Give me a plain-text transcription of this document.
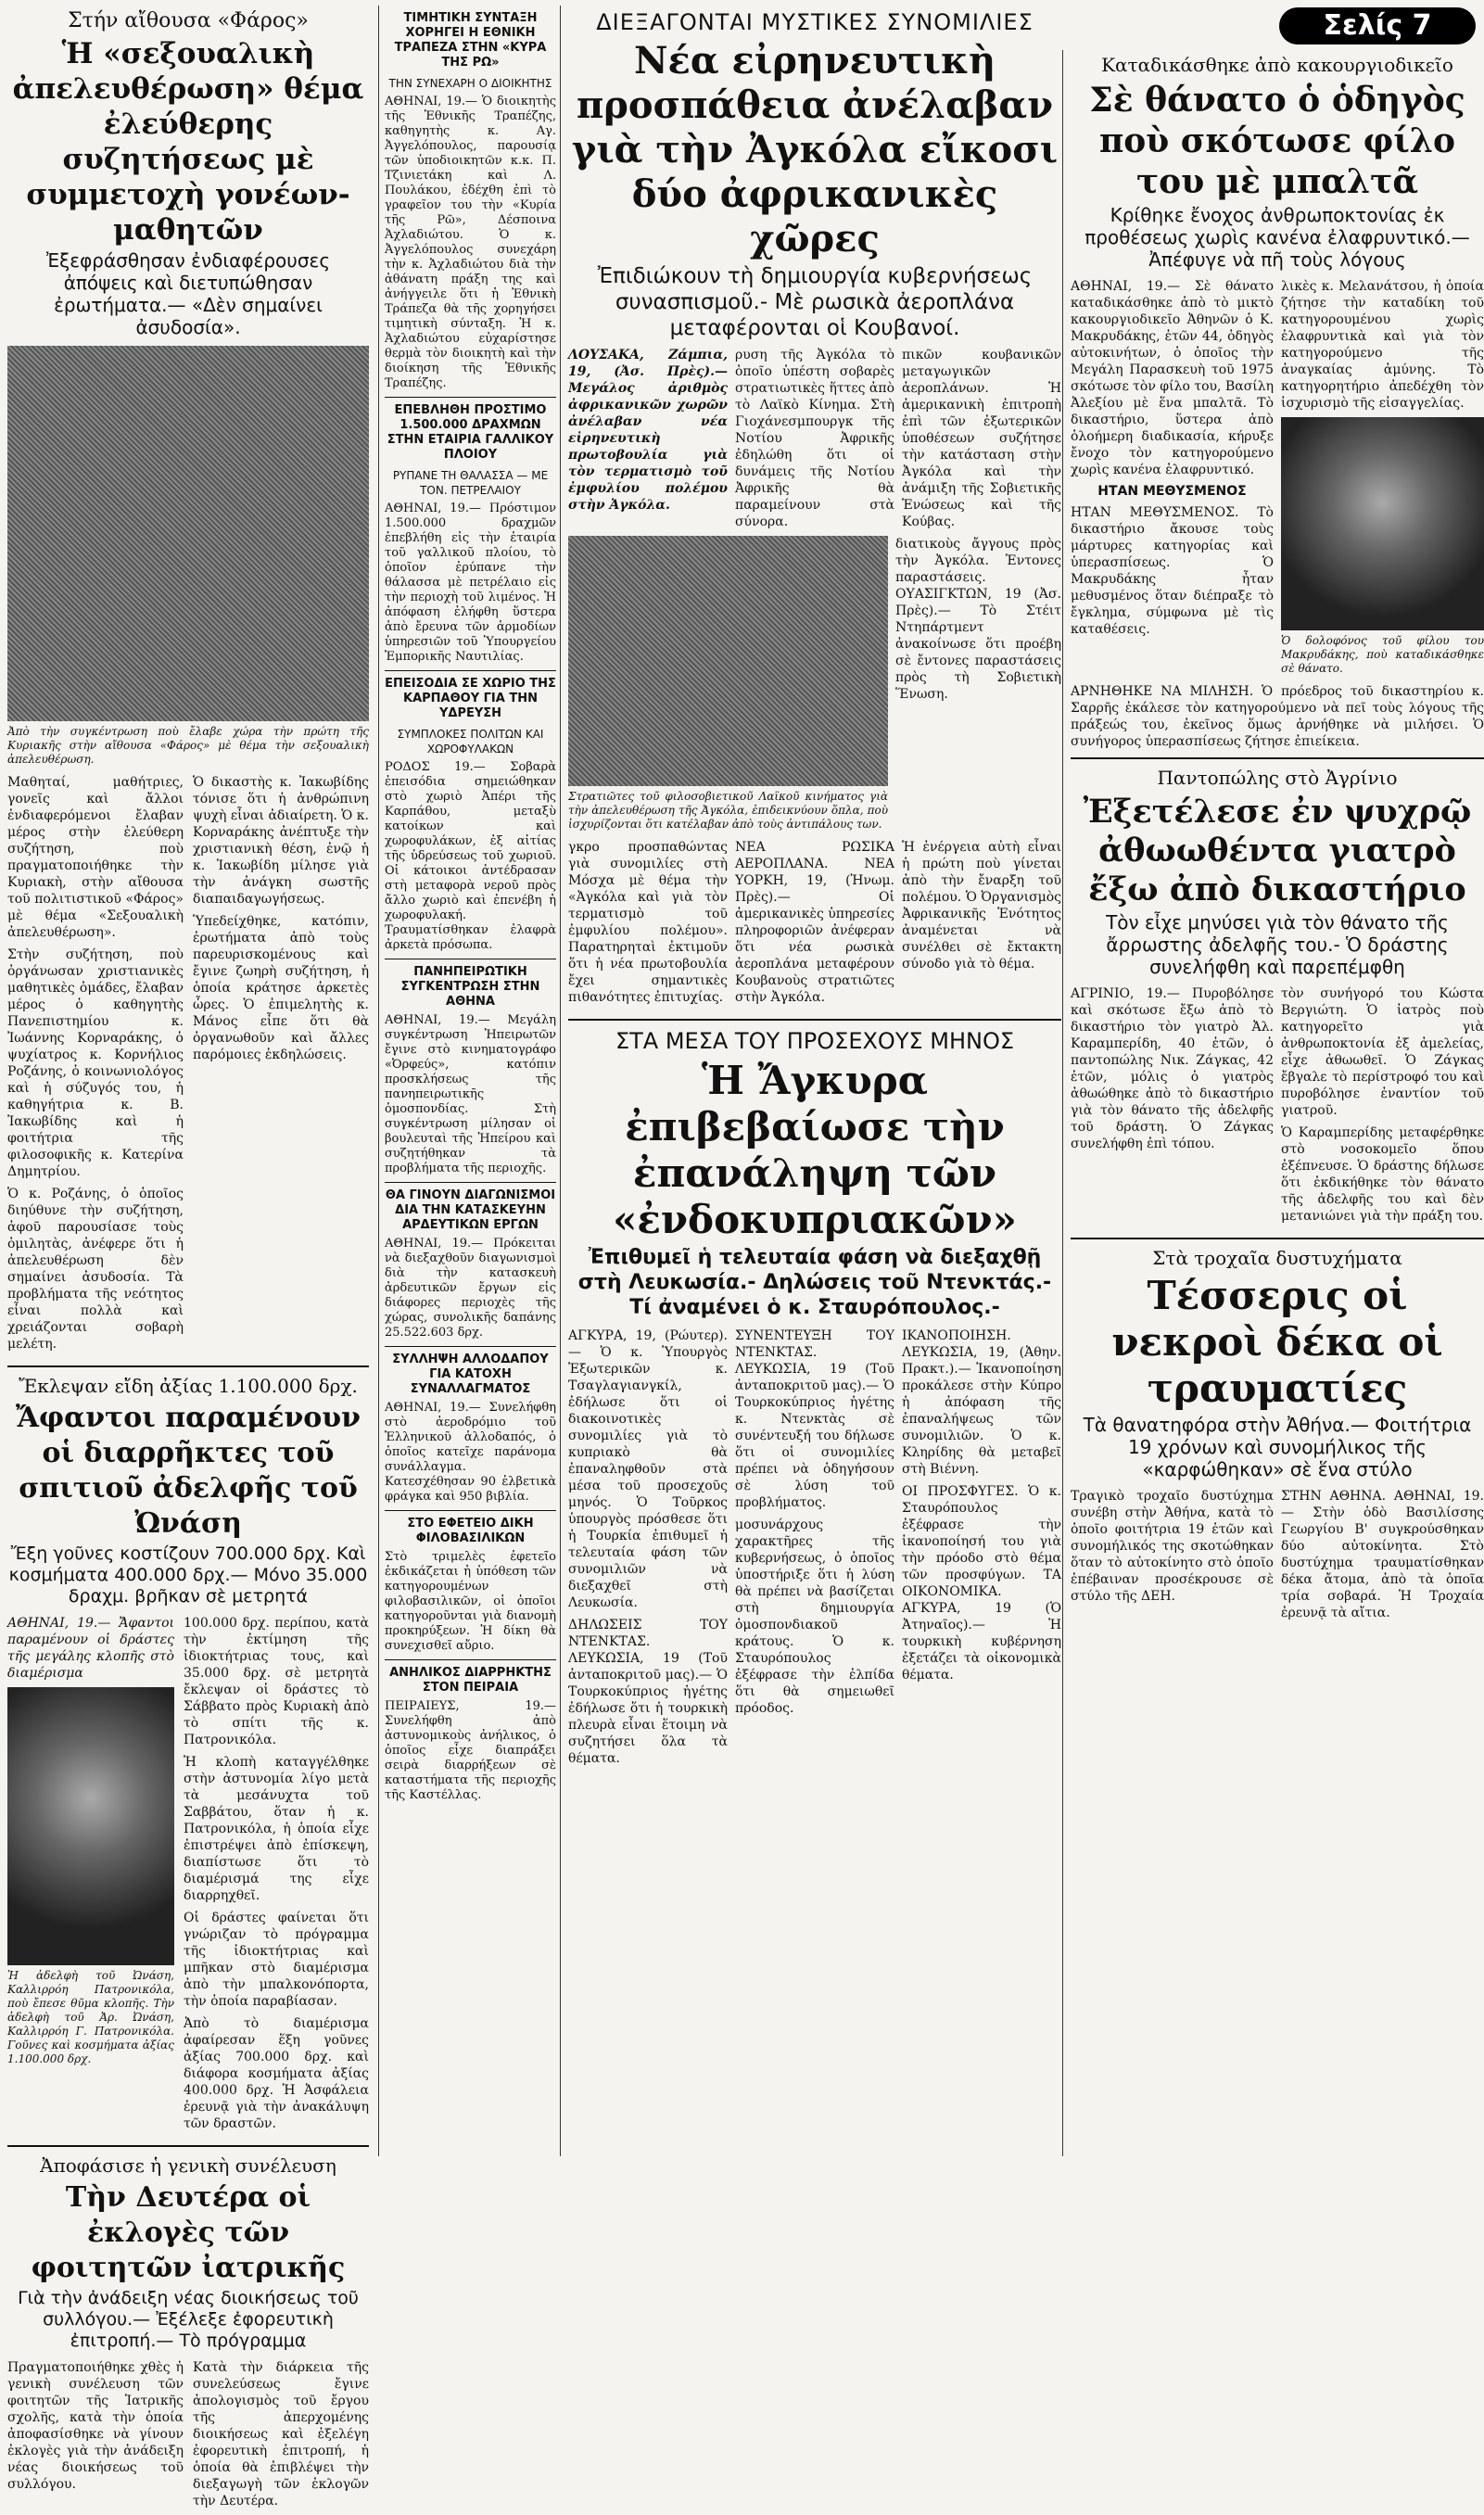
Σελίς 7
Στήν αἴθουσα «Φάρος»
Ἡ «σεξουαλικὴ ἀπελευθέρωση» θέμα ἐλεύθερης συζητήσεως μὲ συμμετοχὴ γονέων-μαθητῶν
Ἐξεφράσθησαν ἐνδιαφέρουσες ἀπόψεις καὶ διετυπώθησαν ἐρωτήματα.— «Δὲν σημαίνει ἀσυδοσία».
Ἀπὸ τὴν συγκέντρωση ποὺ ἔλαβε χώρα τὴν πρώτη τῆς Κυριακῆς στὴν αἴθουσα «Φάρος» μὲ θέμα τὴν σεξουαλικὴ ἀπελευθέρωση.

Μαθηταί, μαθήτριες, γονεῖς καὶ ἄλλοι ἐνδιαφερόμενοι ἔλαβαν μέρος στὴν ἐλεύθερη συζήτηση, ποὺ πραγματοποιήθηκε τὴν Κυριακὴ, στὴν αἴθουσα τοῦ πολιτιστικοῦ «Φάρος» μὲ θέμα «Σεξουαλικὴ ἀπελευθέρωση».

Στὴν συζήτηση, ποὺ ὀργάνωσαν χριστιανικὲς μαθητικὲς ὁμάδες, ἔλαβαν μέρος ὁ καθηγητὴς Πανεπιστημίου κ. Ἰωάννης Κορναράκης, ὁ ψυχίατρος κ. Κορνήλιος Ροζάνης, ὁ κοινωνιολόγος καὶ ἡ σύζυγός του, ἡ καθηγήτρια κ. Β. Ἰακωβίδης καὶ ἡ φοιτήτρια τῆς φιλοσοφικῆς κ. Κατερίνα Δημητρίου.

Ὁ κ. Ροζάνης, ὁ ὁποῖος διηύθυνε τὴν συζήτηση, ἀφοῦ παρουσίασε τοὺς ὁμιλητὰς, ἀνέφερε ὅτι ἡ ἀπελευθέρωση δὲν σημαίνει ἀσυδοσία. Τὰ προβλήματα τῆς νεότητος εἶναι πολλὰ καὶ χρειάζονται σοβαρὴ μελέτη.

Ὁ δικαστὴς κ. Ἰακωβίδης τόνισε ὅτι ἡ ἀνθρώπινη ψυχὴ εἶναι ἀδιαίρετη. Ὁ κ. Κορναράκης ἀνέπτυξε τὴν χριστιανικὴ θέση, ἐνῷ ἡ κ. Ἰακωβίδη μίλησε γιὰ τὴν ἀνάγκη σωστῆς διαπαιδαγωγήσεως.

Ὑπεδείχθηκε, κατόπιν, ἐρωτήματα ἀπὸ τοὺς παρευρισκομένους καὶ ἔγινε ζωηρὴ συζήτηση, ἡ ὁποία κράτησε ἀρκετὲς ὧρες. Ὁ ἐπιμελητὴς κ. Μάνος εἶπε ὅτι θὰ ὀργανωθοῦν καὶ ἄλλες παρόμοιες ἐκδηλώσεις.

Ἔκλεψαν εἴδη ἀξίας 1.100.000 δρχ.
Ἄφαντοι παραμένουν οἱ διαρρῆκτες τοῦ σπιτιοῦ ἀδελφῆς τοῦ Ὠνάση
Ἔξη γοῦνες κοστίζουν 700.000 δρχ. Καὶ κοσμήματα 400.000 δρχ.— Μόνο 35.000 δραχμ. βρῆκαν σὲ μετρητά

ΑΘΗΝΑΙ, 19.— Ἄφαντοι παραμένουν οἱ δράστες τῆς μεγάλης κλοπῆς στὸ διαμέρισμα

Ἡ ἀδελφὴ τοῦ Ὠνάση, Καλλιρρόη Πατρονικόλα, ποὺ ἔπεσε θῦμα κλοπῆς. Τὴν ἀδελφὴ τοῦ Ἀρ. Ὠνάση, Καλλιρρόη Γ. Πατρονικόλα. Γοῦνες καὶ κοσμήματα ἀξίας 1.100.000 δρχ.

100.000 δρχ. περίπου, κατὰ τὴν ἐκτίμηση τῆς ἰδιοκτήτριας τους, καὶ 35.000 δρχ. σὲ μετρητὰ ἔκλεψαν οἱ δράστες τὸ Σάββατο πρὸς Κυριακὴ ἀπὸ τὸ σπίτι τῆς κ. Πατρονικόλα.

Ἡ κλοπὴ καταγγέλθηκε στὴν ἀστυνομία λίγο μετὰ τὰ μεσάνυχτα τοῦ Σαββάτου, ὅταν ἡ κ. Πατρονικόλα, ἡ ὁποία εἶχε ἐπιστρέψει ἀπὸ ἐπίσκεψη, διαπίστωσε ὅτι τὸ διαμέρισμά της εἶχε διαρρηχθεῖ.

Οἱ δράστες φαίνεται ὅτι γνώριζαν τὸ πρόγραμμα τῆς ἰδιοκτήτριας καὶ μπῆκαν στὸ διαμέρισμα ἀπὸ τὴν μπαλκονόπορτα, τὴν ὁποία παραβίασαν.

Ἀπὸ τὸ διαμέρισμα ἀφαίρεσαν ἕξη γοῦνες ἀξίας 700.000 δρχ. καὶ διάφορα κοσμήματα ἀξίας 400.000 δρχ. Ἡ Ἀσφάλεια ἐρευνᾷ γιὰ τὴν ἀνακάλυψη τῶν δραστῶν.

Ἀποφάσισε ἡ γενικὴ συνέλευση
Τὴν Δευτέρα οἱ ἐκλογὲς τῶν φοιτητῶν ἰατρικῆς
Γιὰ τὴν ἀνάδειξη νέας διοικήσεως τοῦ συλλόγου.— Ἐξέλεξε ἐφορευτικὴ ἐπιτροπή.— Τὸ πρόγραμμα

Πραγματοποιήθηκε χθὲς ἡ γενικὴ συνέλευση τῶν φοιτητῶν τῆς Ἰατρικῆς σχολῆς, κατὰ τὴν ὁποία ἀποφασίσθηκε νὰ γίνουν ἐκλογὲς γιὰ τὴν ἀνάδειξη νέας διοικήσεως τοῦ συλλόγου.

Κατὰ τὴν διάρκεια τῆς συνελεύσεως ἔγινε ἀπολογισμὸς τοῦ ἔργου τῆς ἀπερχομένης διοικήσεως καὶ ἐξελέγη ἐφορευτικὴ ἐπιτροπή, ἡ ὁποία θὰ ἐπιβλέψει τὴν διεξαγωγὴ τῶν ἐκλογῶν τὴν Δευτέρα.

ΤΙΜΗΤΙΚΗ ΣΥΝΤΑΞΗ ΧΟΡΗΓΕΙ Η ΕΘΝΙΚΗ ΤΡΑΠΕΖΑ ΣΤΗΝ «ΚΥΡΑ ΤΗΣ ΡΩ»
ΤΗΝ ΣΥΝΕΧΑΡΗ Ο ΔΙΟΙΚΗΤΗΣ

ΑΘΗΝΑΙ, 19.— Ὁ διοικητὴς τῆς Ἐθνικῆς Τραπέζης, καθηγητὴς κ. Αγ. Ἀγγελόπουλος, παρουσίᾳ τῶν ὑποδιοικητῶν κ.κ. Π. Τζινιετάκη καὶ Λ. Πουλάκου, ἐδέχθη ἐπὶ τὸ γραφεῖον του τὴν «Κυρία τῆς Ρῶ», Δέσποινα Ἀχλαδιώτου. Ὁ κ. Ἀγγελόπουλος συνεχάρη τὴν κ. Ἀχλαδιώτου διὰ τὴν ἀθάνατη πράξη της καὶ ἀνήγγειλε ὅτι ἡ Ἐθνικὴ Τράπεζα θὰ τῆς χορηγήσει τιμητικὴ σύνταξη. Ἡ κ. Ἀχλαδιώτου εὐχαρίστησε θερμὰ τὸν διοικητὴ καὶ τὴν διοίκηση τῆς Ἐθνικῆς Τραπέζης.

ΕΠΕΒΛΗΘΗ ΠΡΟΣΤΙΜΟ 1.500.000 ΔΡΑΧΜΩΝ ΣΤΗΝ ΕΤΑΙΡΙΑ ΓΑΛΛΙΚΟΥ ΠΛΟΙΟΥ
ΡΥΠΑΝΕ ΤΗ ΘΑΛΑΣΣΑ — ΜΕ ΤΟΝ. ΠΕΤΡΕΛΑΙΟΥ

ΑΘΗΝΑΙ, 19.— Πρόστιμον 1.500.000 δραχμῶν ἐπεβλήθη εἰς τὴν ἐταιρία τοῦ γαλλικοῦ πλοίου, τὸ ὁποῖον ἐρύπανε τὴν θάλασσα μὲ πετρέλαιο εἰς τὴν περιοχὴ τοῦ λιμένος. Ἡ ἀπόφαση ἐλήφθη ὕστερα ἀπὸ ἔρευνα τῶν ἁρμοδίων ὑπηρεσιῶν τοῦ Ὑπουργείου Ἐμπορικῆς Ναυτιλίας.

ΕΠΕΙΣΟΔΙΑ ΣΕ ΧΩΡΙΟ ΤΗΣ ΚΑΡΠΑΘΟΥ ΓΙΑ ΤΗΝ ΥΔΡΕΥΣΗ
ΣΥΜΠΛΟΚΕΣ ΠΟΛΙΤΩΝ ΚΑΙ ΧΩΡΟΦΥΛΑΚΩΝ

ΡΟΔΟΣ 19.— Σοβαρὰ ἐπεισόδια σημειώθηκαν στὸ χωριὸ Ἀπέρι τῆς Καρπάθου, μεταξὺ κατοίκων καὶ χωροφυλάκων, ἐξ αἰτίας τῆς ὑδρεύσεως τοῦ χωριοῦ. Οἱ κάτοικοι ἀντέδρασαν στὴ μεταφορὰ νεροῦ πρὸς ἄλλο χωριὸ καὶ ἐπενέβη ἡ χωροφυλακή. Τραυματίσθηκαν ἐλαφρὰ ἀρκετὰ πρόσωπα.

ΠΑΝΗΠΕΙΡΩΤΙΚΗ ΣΥΓΚΕΝΤΡΩΣΗ ΣΤΗΝ ΑΘΗΝΑ

ΑΘΗΝΑΙ, 19.— Μεγάλη συγκέντρωση Ἠπειρωτῶν ἔγινε στὸ κινηματογράφο «Ὀρφεύς», κατόπιν προσκλήσεως τῆς πανηπειρωτικῆς ὁμοσπονδίας. Στὴ συγκέντρωση μίλησαν οἱ βουλευταὶ τῆς Ἠπείρου καὶ συζητήθηκαν τὰ προβλήματα τῆς περιοχῆς.

ΘΑ ΓΙΝΟΥΝ ΔΙΑΓΩΝΙΣΜΟΙ ΔΙΑ ΤΗΝ ΚΑΤΑΣΚΕΥΗΝ ΑΡΔΕΥΤΙΚΩΝ ΕΡΓΩΝ

ΑΘΗΝΑΙ, 19.— Πρόκειται νὰ διεξαχθοῦν διαγωνισμοὶ διὰ τὴν κατασκευὴ ἀρδευτικῶν ἔργων εἰς διάφορες περιοχὲς τῆς χώρας, συνολικῆς δαπάνης 25.522.603 δρχ.

ΣΥΛΛΗΨΗ ΑΛΛΟΔΑΠΟΥ ΓΙΑ ΚΑΤΟΧΗ ΣΥΝΑΛΛΑΓΜΑΤΟΣ

ΑΘΗΝΑΙ, 19.— Συνελήφθη στὸ ἀεροδρόμιο τοῦ Ἑλληνικοῦ ἀλλοδαπός, ὁ ὁποῖος κατεῖχε παράνομα συνάλλαγμα. Κατεσχέθησαν 90 ἑλβετικὰ φράγκα καὶ 950 βιβλία.

ΣΤΟ ΕΦΕΤΕΙΟ ΔΙΚΗ ΦΙΛΟΒΑΣΙΛΙΚΩΝ

Στὸ τριμελὲς ἐφετεῖο ἐκδικάζεται ἡ ὑπόθεση τῶν κατηγορουμένων φιλοβασιλικῶν, οἱ ὁποῖοι κατηγοροῦνται γιὰ διανομὴ προκηρύξεων. Ἡ δίκη θὰ συνεχισθεῖ αὔριο.

ΑΝΗΛΙΚΟΣ ΔΙΑΡΡΗΚΤΗΣ ΣΤΟΝ ΠΕΙΡΑΙΑ

ΠΕΙΡΑΙΕΥΣ, 19.— Συνελήφθη ἀπὸ ἀστυνομικοὺς ἀνήλικος, ὁ ὁποῖος εἶχε διαπράξει σειρὰ διαρρήξεων σὲ καταστήματα τῆς περιοχῆς τῆς Καστέλλας.

ΔΙΕΞΑΓΟΝΤΑΙ ΜΥΣΤΙΚΕΣ ΣΥΝΟΜΙΛΙΕΣ
Νέα εἰρηνευτικὴ προσπάθεια ἀνέλαβαν γιὰ τὴν Ἀγκόλα εἴκοσι δύο ἀφρικανικὲς χῶρες
Ἐπιδιώκουν τὴ δημιουργία κυβερνήσεως συνασπισμοῦ.- Μὲ ρωσικὰ ἀεροπλάνα μεταφέρονται οἱ Κουβανοί.

ΛΟΥΣΑΚΑ, Ζάμπια, 19, (Ἀσ. Πρὲς).— Μεγάλος ἀριθμὸς ἀφρικανικῶν χωρῶν ἀνέλαβαν νέα εἰρηνευτικὴ πρωτοβουλία γιὰ τὸν τερματισμὸ τοῦ ἐμφυλίου πολέμου στὴν Ἀγκόλα.

ρυση τῆς Ἀγκόλα τὸ ὁποῖο ὑπέστη σοβαρὲς στρατιωτικὲς ἥττες ἀπὸ τὸ Λαϊκὸ Κίνημα. Στὴ Γιοχάνεσμπουργκ τῆς Νοτίου Ἀφρικῆς ἐδηλώθη ὅτι οἱ δυνάμεις τῆς Νοτίου Ἀφρικῆς θὰ παραμείνουν στὰ σύνορα.

πικῶν κουβανικῶν μεταγωγικῶν ἀεροπλάνων. Ἡ ἀμερικανικὴ ἐπιτροπὴ ἐπὶ τῶν ἐξωτερικῶν ὑποθέσεων συζήτησε τὴν κατάσταση στὴν Ἀγκόλα καὶ τὴν ἀνάμιξη τῆς Σοβιετικῆς Ἑνώσεως καὶ τῆς Κούβας.

Στρατιῶτες τοῦ φιλοσοβιετικοῦ Λαϊκοῦ κινήματος γιὰ τὴν ἀπελευθέρωση τῆς Ἀγκόλα, ἐπιδεικνύουν ὅπλα, ποὺ ἰσχυρίζονται ὅτι κατέλαβαν ἀπὸ τοὺς ἀντιπάλους των.

διατικοὺς ἄγγους πρὸς τὴν Ἀγκόλα. Ἐντονες παραστάσεις. ΟΥΑΣΙΓΚΤΩΝ, 19 (Ἀσ. Πρὲς).— Τὸ Στέιτ Ντηπάρτμεντ ἀνακοίνωσε ὅτι προέβη σὲ ἔντονες παραστάσεις πρὸς τὴ Σοβιετικὴ Ἕνωση.

γκρο προσπαθώντας γιὰ συνομιλίες στὴ Μόσχα μὲ θέμα τὴν «Ἀγκόλα καὶ γιὰ τὸν τερματισμὸ τοῦ ἐμφυλίου πολέμου». Παρατηρηταὶ ἐκτιμοῦν ὅτι ἡ νέα πρωτοβουλία ἔχει σημαντικὲς πιθανότητες ἐπιτυχίας.

ΝΕΑ ΡΩΣΙΚΑ ΑΕΡΟΠΛΑΝΑ. ΝΕΑ ΥΟΡΚΗ, 19, (Ἠνωμ. Πρὲς).— Οἱ ἀμερικανικὲς ὑπηρεσίες πληροφοριῶν ἀνέφεραν ὅτι νέα ρωσικὰ ἀεροπλάνα μεταφέρουν Κουβανοὺς στρατιῶτες στὴν Ἀγκόλα.

Ἡ ἐνέργεια αὐτὴ εἶναι ἡ πρώτη ποὺ γίνεται ἀπὸ τὴν ἔναρξη τοῦ πολέμου. Ὁ Ὀργανισμὸς Ἀφρικανικῆς Ἑνότητος ἀναμένεται νὰ συνέλθει σὲ ἔκτακτη σύνοδο γιὰ τὸ θέμα.

ΣΤΑ ΜΕΣΑ ΤΟΥ ΠΡΟΣΕΧΟΥΣ ΜΗΝΟΣ
Ἡ Ἄγκυρα ἐπιβεβαίωσε τὴν ἐπανάληψη τῶν «ἐνδοκυπριακῶν»
Ἐπιθυμεῖ ἡ τελευταία φάση νὰ διεξαχθῇ στὴ Λευκωσία.- Δηλώσεις τοῦ Ντενκτάς.- Τί ἀναμένει ὁ κ. Σταυρόπουλος.-

ΑΓΚΥΡΑ, 19, (Ρώυτερ).— Ὁ κ. Ὑπουργὸς Ἐξωτερικῶν κ. Τσαγλαγιανγκίλ, ἐδήλωσε ὅτι οἱ διακοινοτικὲς συνομιλίες γιὰ τὸ κυπριακὸ θὰ ἐπαναληφθοῦν στὰ μέσα τοῦ προσεχοῦς μηνός. Ὁ Τοῦρκος ὑπουργὸς πρόσθεσε ὅτι ἡ Τουρκία ἐπιθυμεῖ ἡ τελευταία φάση τῶν συνομιλιῶν νὰ διεξαχθεῖ στὴ Λευκωσία.

ΔΗΛΩΣΕΙΣ ΤΟΥ ΝΤΕΝΚΤΑΣ. ΛΕΥΚΩΣΙΑ, 19 (Τοῦ ἀνταποκριτοῦ μας).— Ὁ Τουρκοκύπριος ἡγέτης ἐδήλωσε ὅτι ἡ τουρκικὴ πλευρὰ εἶναι ἕτοιμη νὰ συζητήσει ὅλα τὰ θέματα.

ΣΥΝΕΝΤΕΥΞΗ ΤΟΥ ΝΤΕΝΚΤΑΣ. ΛΕΥΚΩΣΙΑ, 19 (Τοῦ ἀνταποκριτοῦ μας).— Ὁ Τουρκοκύπριος ἡγέτης κ. Ντενκτὰς σὲ συνέντευξή του δήλωσε ὅτι οἱ συνομιλίες πρέπει νὰ ὁδηγήσουν σὲ λύση τοῦ προβλήματος.

μοσυνάρχους χαρακτῆρες τῆς κυβερνήσεως, ὁ ὁποῖος ὑποστήριξε ὅτι ἡ λύση θὰ πρέπει νὰ βασίζεται στὴ δημιουργία ὁμοσπονδιακοῦ κράτους. Ὁ κ. Σταυρόπουλος ἐξέφρασε τὴν ἐλπίδα ὅτι θὰ σημειωθεῖ πρόοδος.

ΙΚΑΝΟΠΟΙΗΣΗ. ΛΕΥΚΩΣΙΑ, 19, (Ἀθην. Πρακτ.).— Ἱκανοποίηση προκάλεσε στὴν Κύπρο ἡ ἀπόφαση τῆς ἐπαναλήψεως τῶν συνομιλιῶν. Ὁ κ. Κληρίδης θὰ μεταβεῖ στὴ Βιέννη.

ΟΙ ΠΡΟΣΦΥΓΕΣ. Ὁ κ. Σταυρόπουλος ἐξέφρασε τὴν ἱκανοποίησή του γιὰ τὴν πρόοδο στὸ θέμα τῶν προσφύγων. ΤΑ ΟΙΚΟΝΟΜΙΚΑ. ΑΓΚΥΡΑ, 19 (Ὁ Ἀτηναῖος).— Ἡ τουρκικὴ κυβέρνηση ἐξετάζει τὰ οἰκονομικὰ θέματα.

Καταδικάσθηκε ἀπὸ κακουργιοδικεῖο
Σὲ θάνατο ὁ ὁδηγὸς ποὺ σκότωσε φίλο του μὲ μπαλτᾶ
Κρίθηκε ἔνοχος ἀνθρωποκτονίας ἐκ προθέσεως χωρὶς κανένα ἐλαφρυντικό.— Ἀπέφυγε νὰ πῆ τοὺς λόγους

ΑΘΗΝΑΙ, 19.— Σὲ θάνατο καταδικάσθηκε ἀπὸ τὸ μικτὸ κακουργιοδικεῖο Ἀθηνῶν ὁ Κ. Μακρυδάκης, ἐτῶν 44, ὁδηγὸς αὐτοκινήτων, ὁ ὁποῖος τὴν Μεγάλη Παρασκευὴ τοῦ 1975 σκότωσε τὸν φίλο του, Βασίλη Ἀλεξίου μὲ ἕνα μπαλτᾶ. Τὸ δικαστήριο, ὕστερα ἀπὸ ὁλοήμερη διαδικασία, κήρυξε ἔνοχο τὸν κατηγορούμενο χωρὶς κανένα ἐλαφρυντικό.

ΗΤΑΝ ΜΕΘΥΣΜΕΝΟΣ

ΗΤΑΝ ΜΕΘΥΣΜΕΝΟΣ. Τὸ δικαστήριο ἄκουσε τοὺς μάρτυρες κατηγορίας καὶ ὑπερασπίσεως. Ὁ Μακρυδάκης ἦταν μεθυσμένος ὅταν διέπραξε τὸ ἔγκλημα, σύμφωνα μὲ τὶς καταθέσεις.

λικὲς κ. Μελανάτσου, ἡ ὁποία ζήτησε τὴν καταδίκη τοῦ κατηγορουμένου χωρὶς ἐλαφρυντικὰ καὶ γιὰ τὸν κατηγορούμενο τῆς ἀναγκαίας ἀμύνης. Τὸ κατηγορητήριο ἀπεδέχθη τὸν ἰσχυρισμὸ τῆς εἰσαγγελίας.

Ὁ δολοφόνος τοῦ φίλου του Μακρυδάκης, ποὺ καταδικάσθηκε σὲ θάνατο.

ΑΡΝΗΘΗΚΕ ΝΑ ΜΙΛΗΣΗ. Ὁ πρόεδρος τοῦ δικαστηρίου κ. Σαρρῆς ἐκάλεσε τὸν κατηγορούμενο νὰ πεῖ τοὺς λόγους τῆς πράξεώς του, ἐκεῖνος ὅμως ἀρνήθηκε νὰ μιλήσει. Ὁ συνήγορος ὑπερασπίσεως ζήτησε ἐπιείκεια.

Παντοπώλης στὸ Ἀγρίνιο
Ἐξετέλεσε ἐν ψυχρῷ ἀθωωθέντα γιατρὸ ἔξω ἀπὸ δικαστήριο
Τὸν εἶχε μηνύσει γιὰ τὸν θάνατο τῆς ἄρρωστης ἀδελφῆς του.- Ὁ δράστης συνελήφθη καὶ παρεπέμφθη

ΑΓΡΙΝΙΟ, 19.— Πυροβόλησε καὶ σκότωσε ἔξω ἀπὸ τὸ δικαστήριο τὸν γιατρὸ Ἀλ. Καραμπερίδη, 40 ἐτῶν, ὁ παντοπώλης Νικ. Ζάγκας, 42 ἐτῶν, μόλις ὁ γιατρὸς ἀθωώθηκε ἀπὸ τὸ δικαστήριο γιὰ τὸν θάνατο τῆς ἀδελφῆς τοῦ δράστη. Ὁ Ζάγκας συνελήφθη ἐπὶ τόπου.

τὸν συνήγορό του Κώστα Βεργιώτη. Ὁ ἰατρὸς ποὺ κατηγορεῖτο γιὰ ἀνθρωποκτονία ἐξ ἀμελείας, εἶχε ἀθωωθεῖ. Ὁ Ζάγκας ἔβγαλε τὸ περίστροφό του καὶ πυροβόλησε ἐναντίον τοῦ γιατροῦ.

Ὁ Καραμπερίδης μεταφέρθηκε στὸ νοσοκομεῖο ὅπου ἐξέπνευσε. Ὁ δράστης δήλωσε ὅτι ἐκδικήθηκε τὸν θάνατο τῆς ἀδελφῆς του καὶ δὲν μετανιώνει γιὰ τὴν πράξη του.

Στὰ τροχαῖα δυστυχήματα
Τέσσερις οἱ νεκροὶ δέκα οἱ τραυματίες
Τὰ θανατηφόρα στὴν Ἀθήνα.— Φοιτήτρια 19 χρόνων καὶ συνομήλικος τῆς «καρφώθηκαν» σὲ ἕνα στύλο

Τραγικὸ τροχαῖο δυστύχημα συνέβη στὴν Ἀθήνα, κατὰ τὸ ὁποῖο φοιτήτρια 19 ἐτῶν καὶ συνομήλικός της σκοτώθηκαν ὅταν τὸ αὐτοκίνητο στὸ ὁποῖο ἐπέβαιναν προσέκρουσε σὲ στύλο τῆς ΔΕΗ.

ΣΤΗΝ ΑΘΗΝΑ. ΑΘΗΝΑΙ, 19.— Στὴν ὁδὸ Βασιλίσσης Γεωργίου Β' συγκρούσθηκαν δύο αὐτοκίνητα. Στὸ δυστύχημα τραυματίσθηκαν δέκα ἄτομα, ἀπὸ τὰ ὁποῖα τρία σοβαρά. Ἡ Τροχαία ἐρευνᾷ τὰ αἴτια.
